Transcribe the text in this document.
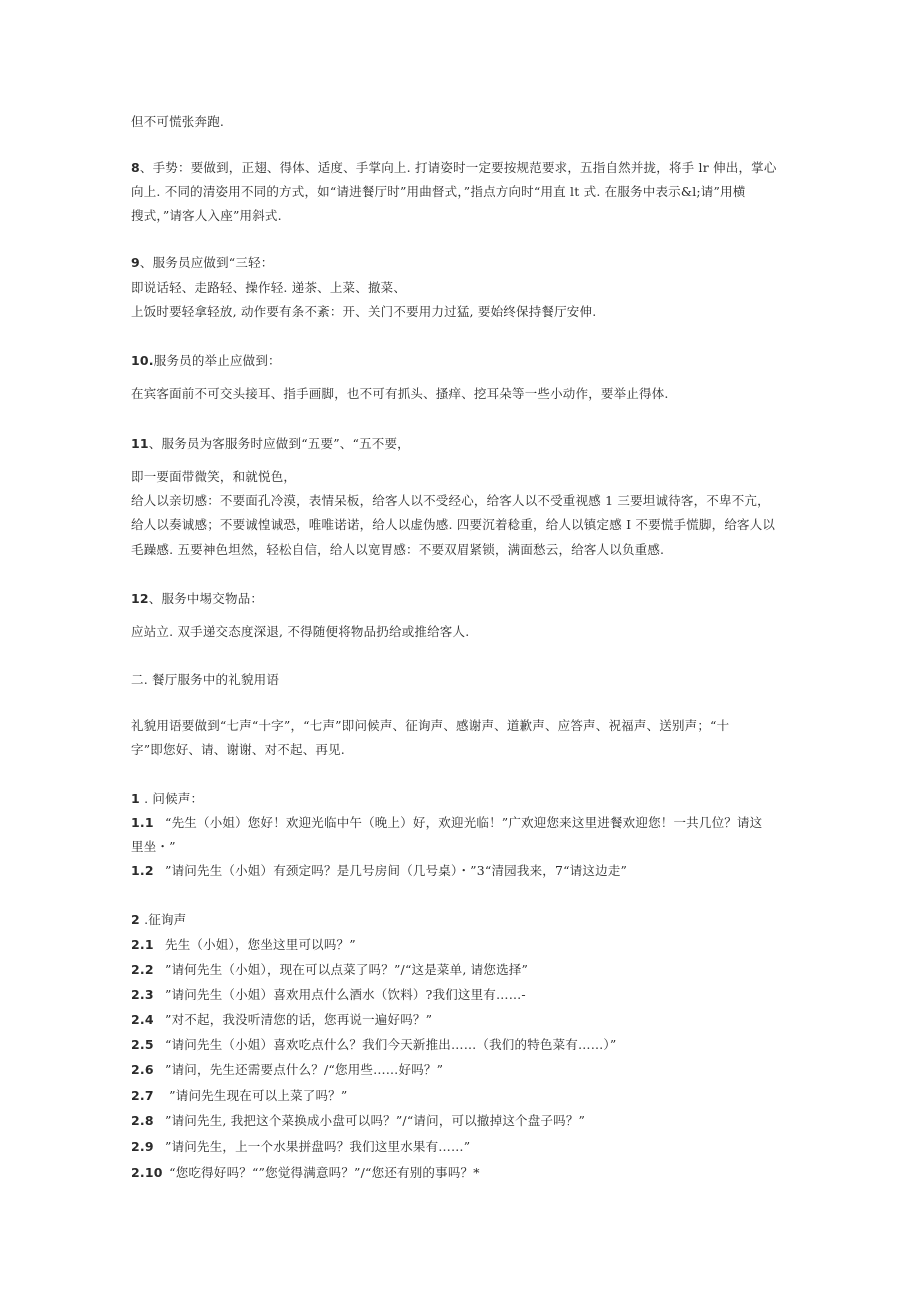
但不可慌张奔跑.
8、手势：要做到，正翅、得体、适度、手掌向上. 打请姿时一定要按规范要求，五指自然并拢，将手 lr 伸出，掌心
向上. 不同的清姿用不同的方式，如“请进餐厅时”用曲督式，”指点方向时“用直 lt 式. 在服务中表示&l;请”用横
搜式，”请客人入座”用斜式.
9、服务员应做到“三轻：
即说话轻、走路轻、操作轻. 递茶、上菜、撤菜、
上饭时要轻拿轻放, 动作要有条不紊：开、关门不要用力过猛, 要始终保持餐厅安伸.
10.服务员的举止应做到：
在宾客面前不可交头接耳、指手画脚，也不可有抓头、搔痒、挖耳朵等一些小动作，要举止得体.
11、服务员为客服务时应做到“五要”、“五不要，
即一要面带微笑，和就悦色，
给人以亲切感：不要面孔冷漠，表情呆板，给客人以不受经心，给客人以不受重视感 1 三要坦诚待客，不卑不亢，
给人以奏诚感；不要诚惶诚恐，唯唯诺诺，给人以虚伪感. 四要沉着稔重，给人以镇定感 I 不要慌手慌脚，给客人以
毛躁感. 五要神色坦然，轻松自信，给人以宽胃感：不要双眉紧锁，满面愁云，给客人以负重感.
12、服务中埸交物品：
应站立. 双手递交态度深退, 不得随便将物品扔给或推给客人.
二. 餐厅服务中的礼貌用语
礼貌用语要做到“七声“十字”，“七声”即问候声、征询声、感谢声、道歉声、应答声、祝福声、送别声；“十
字”即您好、请、谢谢、对不起、再见.
1 . 问候声：
1.1 “先生（小姐）您好！欢迎光临中午（晚上）好，欢迎光临！”广欢迎您来这里进餐欢迎您！一共几位？请这
里坐・”
1.2 ”请问先生（小姐）有颈定吗？是几号房间（几号桌）・”3“清园我来，7“请这边走”
2 .征询声
2.1 先生（小姐），您坐这里可以吗？”
2.2 ”请何先生（小姐），现在可以点菜了吗？”/“这是菜单, 请您选择”
2.3 ”请问先生（小姐）喜欢用点什么酒水（饮料）?我们这里有……-
2.4 ”对不起，我没听清您的话，您再说一遍好吗？”
2.5 “请问先生（小姐）喜欢吃点什么？我们今天新推出……（我们的特色菜有……）”
2.6 ”请问，先生还需要点什么？/“您用些……好吗？”
2.7 ”请问先生现在可以上菜了吗？”
2.8 ”请问先生, 我把这个菜换成小盘可以吗？”/“请问，可以撤掉这个盘子吗？”
2.9 ”请问先生，上一个水果拼盘吗？我们这里水果有……”
2.10 “您吃得好吗？“”您觉得满意吗？”/“您还有别的事吗？*
